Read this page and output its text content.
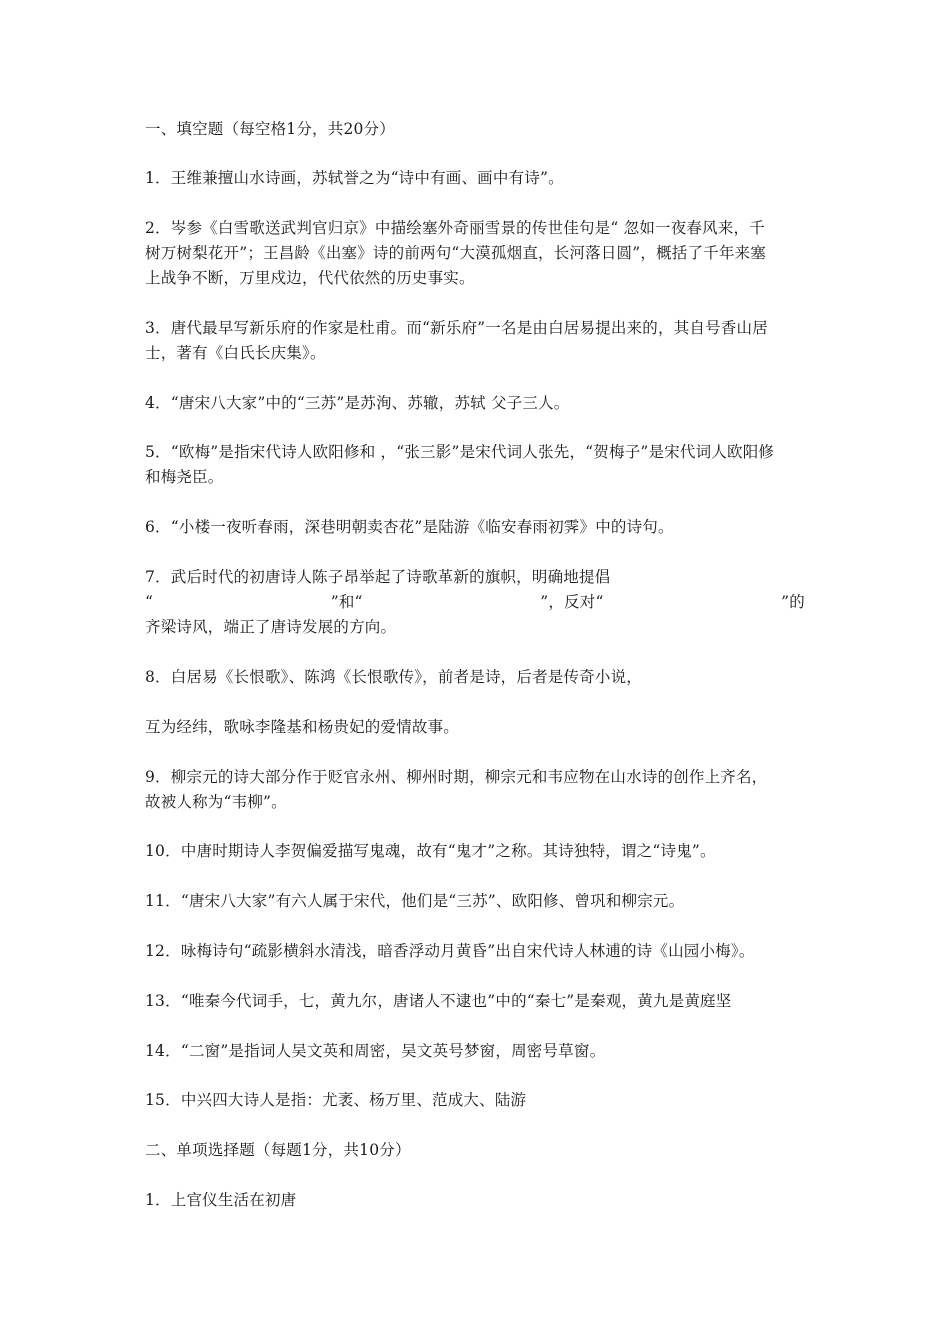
一、填空题（每空格1分，共20分）
1．王维兼擅山水诗画，苏轼誉之为“诗中有画、画中有诗”。
2．岑参《白雪歌送武判官归京》中描绘塞外奇丽雪景的传世佳句是“ 忽如一夜春风来，千
树万树梨花开”；王昌龄《出塞》诗的前两句“大漠孤烟直，长河落日圆”，概括了千年来塞
上战争不断，万里戍边，代代依然的历史事实。
3．唐代最早写新乐府的作家是杜甫。而“新乐府”一名是由白居易提出来的，其自号香山居
士，著有《白氏长庆集》。
4．“唐宋八大家”中的“三苏”是苏洵、苏辙，苏轼 父子三人。
5．“欧梅”是指宋代诗人欧阳修和 ，“张三影”是宋代词人张先，“贺梅子”是宋代词人欧阳修
和梅尧臣。
6．“小楼一夜听春雨，深巷明朝卖杏花”是陆游《临安春雨初霁》中的诗句。
7．武后时代的初唐诗人陈子昂举起了诗歌革新的旗帜，明确地提倡
“	”和“	”，反对“	”的
齐梁诗风，端正了唐诗发展的方向。
8．白居易《长恨歌》、陈鸿《长恨歌传》，前者是诗，后者是传奇小说，
互为经纬，歌咏李隆基和杨贵妃的爱情故事。
9．柳宗元的诗大部分作于贬官永州、柳州时期，柳宗元和韦应物在山水诗的创作上齐名，
故被人称为“韦柳”。
10．中唐时期诗人李贺偏爱描写鬼魂，故有“鬼才”之称。其诗独特，谓之“诗鬼”。
11．“唐宋八大家”有六人属于宋代，他们是“三苏”、欧阳修、曾巩和柳宗元。
12．咏梅诗句“疏影横斜水清浅，暗香浮动月黄昏”出自宋代诗人林逋的诗《山园小梅》。
13．“唯秦今代词手，七，黄九尔，唐诸人不逮也”中的“秦七”是秦观，黄九是黄庭坚
14．“二窗”是指词人吴文英和周密，吴文英号梦窗，周密号草窗。
15．中兴四大诗人是指：尤袤、杨万里、范成大、陆游
二、单项选择题（每题1分，共10分）
1．上官仪生活在初唐
